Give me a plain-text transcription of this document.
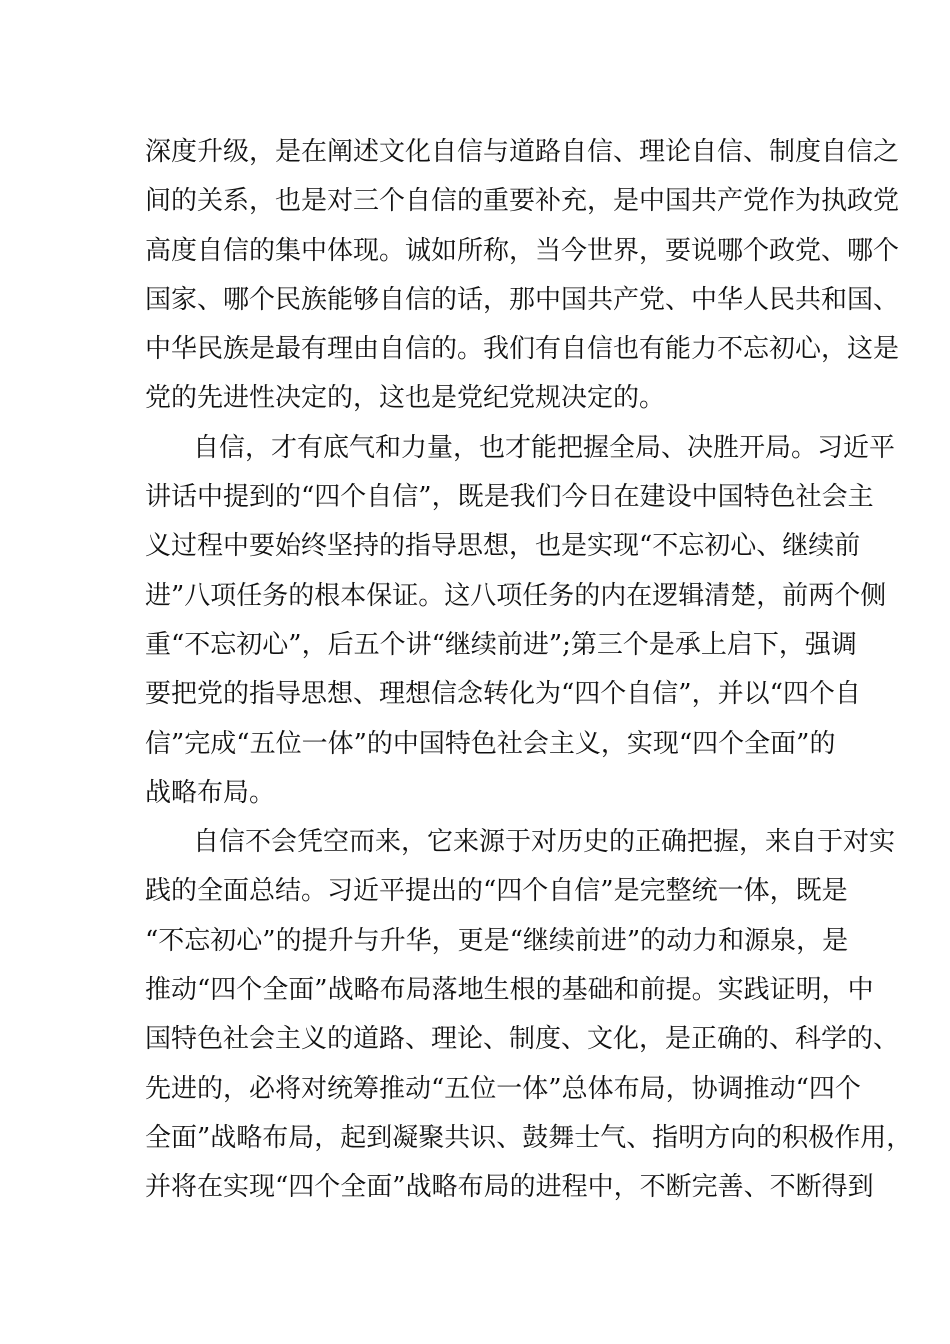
深度升级，是在阐述文化自信与道路自信、理论自信、制度自信之
间的关系，也是对三个自信的重要补充，是中国共产党作为执政党
高度自信的集中体现。诚如所称，当今世界，要说哪个政党、哪个
国家、哪个民族能够自信的话，那中国共产党、中华人民共和国、
中华民族是最有理由自信的。我们有自信也有能力不忘初心，这是
党的先进性决定的，这也是党纪党规决定的。
自信，才有底气和力量，也才能把握全局、决胜开局。习近平
讲话中提到的“四个自信”，既是我们今日在建设中国特色社会主
义过程中要始终坚持的指导思想，也是实现“不忘初心、继续前
进”八项任务的根本保证。这八项任务的内在逻辑清楚，前两个侧
重“不忘初心”，后五个讲“继续前进”;第三个是承上启下，强调
要把党的指导思想、理想信念转化为“四个自信”，并以“四个自
信”完成“五位一体”的中国特色社会主义，实现“四个全面”的
战略布局。
自信不会凭空而来，它来源于对历史的正确把握，来自于对实
践的全面总结。习近平提出的“四个自信”是完整统一体，既是
“不忘初心”的提升与升华，更是“继续前进”的动力和源泉，是
推动“四个全面”战略布局落地生根的基础和前提。实践证明，中
国特色社会主义的道路、理论、制度、文化，是正确的、科学的、
先进的，必将对统筹推动“五位一体”总体布局，协调推动“四个
全面”战略布局，起到凝聚共识、鼓舞士气、指明方向的积极作用，
并将在实现“四个全面”战略布局的进程中，不断完善、不断得到
